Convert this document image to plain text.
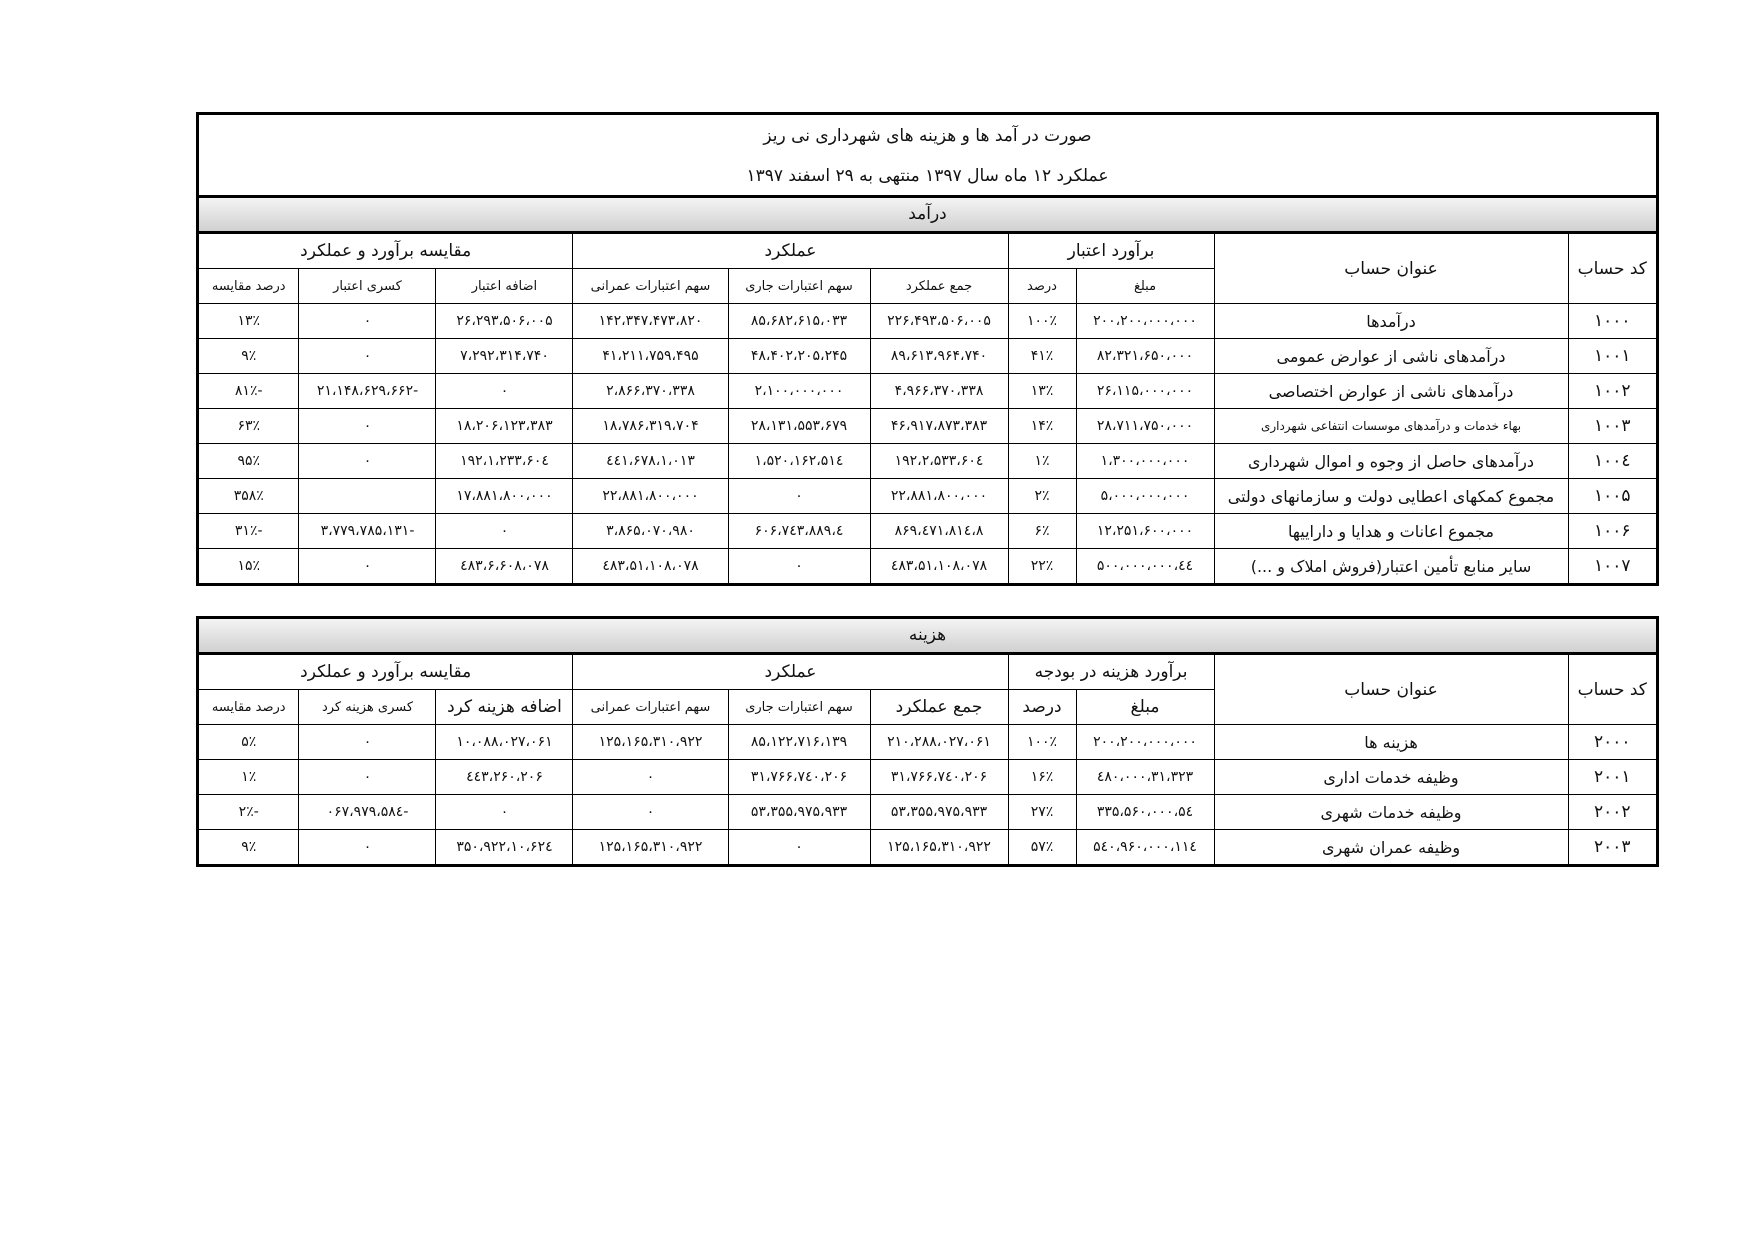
صورت در آمد ها و هزینه های شهرداری نی ریز
عملکرد ۱۲ ماه سال ۱۳۹۷ منتهی به ۲۹ اسفند ۱۳۹۷
درآمد
کد حساب	عنوان حساب	برآورد اعتبار		عملکرد			مقایسه برآورد و عملکرد		
		مبلغ	درصد	جمع عملکرد	سهم اعتبارات جاری	سهم اعتبارات عمرانی	اضافه اعتبار	کسری اعتبار	درصد مقایسه
۱۰۰۰	درآمدها	۲۰۰،۲۰۰،۰۰۰،۰۰۰	۱۰۰٪	۲۲۶،۴۹۳،۵۰۶،۰۰۵	۸۵،۶۸۲،۶۱۵،۰۳۳	۱۴۲،۳۴۷،۴۷۳،۸۲۰	۲۶،۲۹۳،۵۰۶،۰۰۵	۰	۱۳٪
۱۰۰۱	درآمدهای ناشی از عوارض عمومی	۸۲،۳۲۱،۶۵۰،۰۰۰	۴۱٪	۸۹،۶۱۳،۹۶۴،۷۴۰	۴۸،۴۰۲،۲۰۵،۲۴۵	۴۱،۲۱۱،۷۵۹،۴۹۵	۷،۲۹۲،۳۱۴،۷۴۰	۰	۹٪
۱۰۰۲	درآمدهای ناشی از عوارض اختصاصی	۲۶،۱۱۵،۰۰۰،۰۰۰	۱۳٪	۴،۹۶۶،۳۷۰،۳۳۸	۲،۱۰۰،۰۰۰،۰۰۰	۲،۸۶۶،۳۷۰،۳۳۸	۰	-۲۱،۱۴۸،۶۲۹،۶۶۲	-۸۱٪
۱۰۰۳	بهاء خدمات و درآمدهای موسسات انتفاعی شهرداری	۲۸،۷۱۱،۷۵۰،۰۰۰	۱۴٪	۴۶،۹۱۷،۸۷۳،۳۸۳	۲۸،۱۳۱،۵۵۳،۶۷۹	۱۸،۷۸۶،۳۱۹،۷۰۴	۱۸،۲۰۶،۱۲۳،۳۸۳	۰	۶۳٪
۱۰۰٤	درآمدهای حاصل از وجوه و اموال شهرداری	۱،۳۰۰،۰۰۰،۰۰۰	۱٪	۲،۵۳۳،۶۰٤،۱۹۲	۱،۵۲۰،۱۶۲،۵۱٤	۱،۰۱۳،٤٤۱،۶۷۸	۱،۲۳۳،۶۰٤،۱۹۲	۰	۹۵٪
۱۰۰۵	مجموع کمکهای اعطایی دولت و سازمانهای دولتی	۵،۰۰۰،۰۰۰،۰۰۰	۲٪	۲۲،۸۸۱،۸۰۰،۰۰۰	۰	۲۲،۸۸۱،۸۰۰،۰۰۰	۱۷،۸۸۱،۸۰۰،۰۰۰		۳۵۸٪
۱۰۰۶	مجموع اعانات و هدایا و داراییها	۱۲،۲۵۱،۶۰۰،۰۰۰	۶٪	۸،٤۷۱،۸۱٤،۸۶۹	٤،۶۰۶،۷٤۳،۸۸۹	۳،۸۶۵،۰۷۰،۹۸۰	۰	-۳،۷۷۹،۷۸۵،۱۳۱	-۳۱٪
۱۰۰۷	سایر منابع تأمین اعتبار(فروش املاک و ...)	٤٤،۵۰۰،۰۰۰،۰۰۰	۲۲٪	۵۱،۱۰۸،۰۷۸،٤۸۳	۰	۵۱،۱۰۸،۰۷۸،٤۸۳	۶،۶۰۸،۰۷۸،٤۸۳	۰	۱۵٪
هزینه
کد حساب	عنوان حساب	برآورد هزینه در بودجه		عملکرد			مقایسه برآورد و عملکرد		
		مبلغ	درصد	جمع عملکرد	سهم اعتبارات جاری	سهم اعتبارات عمرانی	اضافه هزینه کرد	کسری هزینه کرد	درصد مقایسه
۲۰۰۰	هزینه ها	۲۰۰،۲۰۰،۰۰۰،۰۰۰	۱۰۰٪	۲۱۰،۲۸۸،۰۲۷،۰۶۱	۸۵،۱۲۲،۷۱۶،۱۳۹	۱۲۵،۱۶۵،۳۱۰،۹۲۲	۱۰،۰۸۸،۰۲۷،۰۶۱	۰	۵٪
۲۰۰۱	وظیفه خدمات اداری	۳۱،۳۲۳،٤۸۰،۰۰۰	۱۶٪	۳۱،۷۶۶،۷٤۰،۲۰۶	۳۱،۷۶۶،۷٤۰،۲۰۶	۰	٤٤۳،۲۶۰،۲۰۶	۰	۱٪
۲۰۰۲	وظیفه خدمات شهری	۵٤،۳۳۵،۵۶۰،۰۰۰	۲۷٪	۵۳،۳۵۵،۹۷۵،۹۳۳	۵۳،۳۵۵،۹۷۵،۹۳۳	۰	۰	-۹۷۹،۵۸٤،۰۶۷	-۲٪
۲۰۰۳	وظیفه عمران شهری	۱۱٤،۵٤۰،۹۶۰،۰۰۰	۵۷٪	۱۲۵،۱۶۵،۳۱۰،۹۲۲	۰	۱۲۵،۱۶۵،۳۱۰،۹۲۲	۱۰،۶۲٤،۳۵۰،۹۲۲	۰	۹٪
